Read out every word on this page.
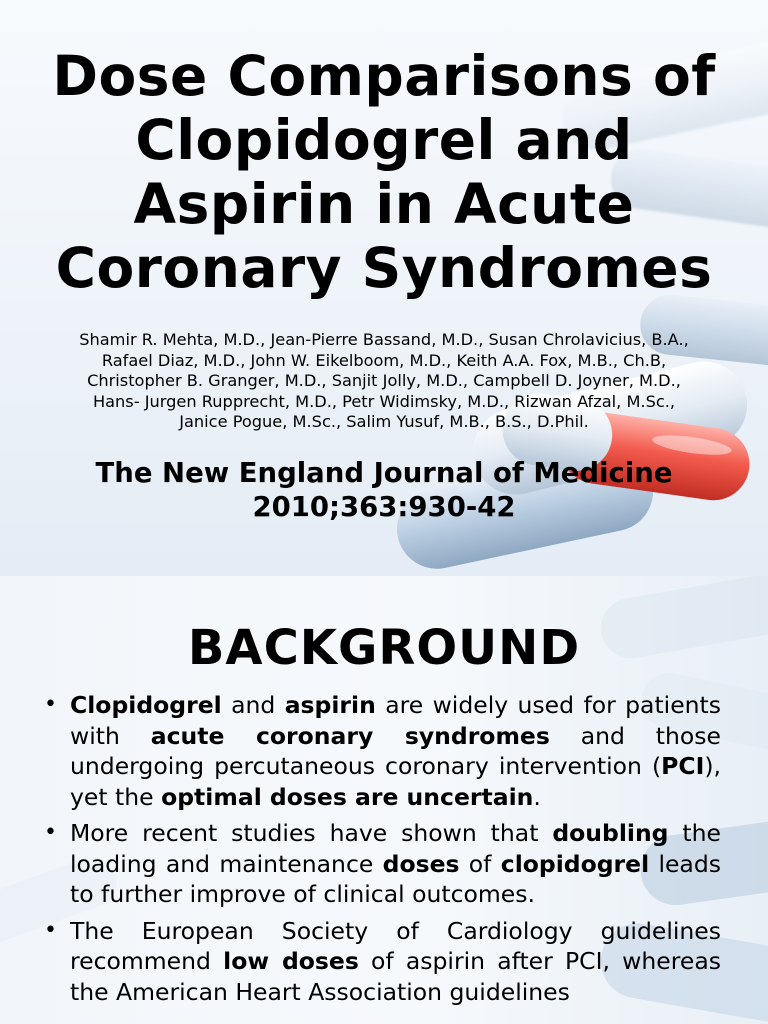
Dose Comparisons of
Clopidogrel and
Aspirin in Acute
Coronary Syndromes
Shamir R. Mehta, M.D., Jean-Pierre Bassand, M.D., Susan Chrolavicius, B.A.,
Rafael Diaz, M.D., John W. Eikelboom, M.D., Keith A.A. Fox, M.B., Ch.B,
Christopher B. Granger, M.D., Sanjit Jolly, M.D., Campbell D. Joyner, M.D.,
Hans- Jurgen Rupprecht, M.D., Petr Widimsky, M.D., Rizwan Afzal, M.Sc.,
Janice Pogue, M.Sc., Salim Yusuf, M.B., B.S., D.Phil.
The New England Journal of Medicine
2010;363:930-42
BACKGROUND
• Clopidogrel and aspirin are widely used for patients with acute coronary syndromes and those undergoing percutaneous coronary intervention (PCI), yet the optimal doses are uncertain.
• More recent studies have shown that doubling the loading and maintenance doses of clopidogrel leads to further improve of clinical outcomes.
• The European Society of Cardiology guidelines recommend low doses of aspirin after PCI, whereas the American Heart Association guidelines
